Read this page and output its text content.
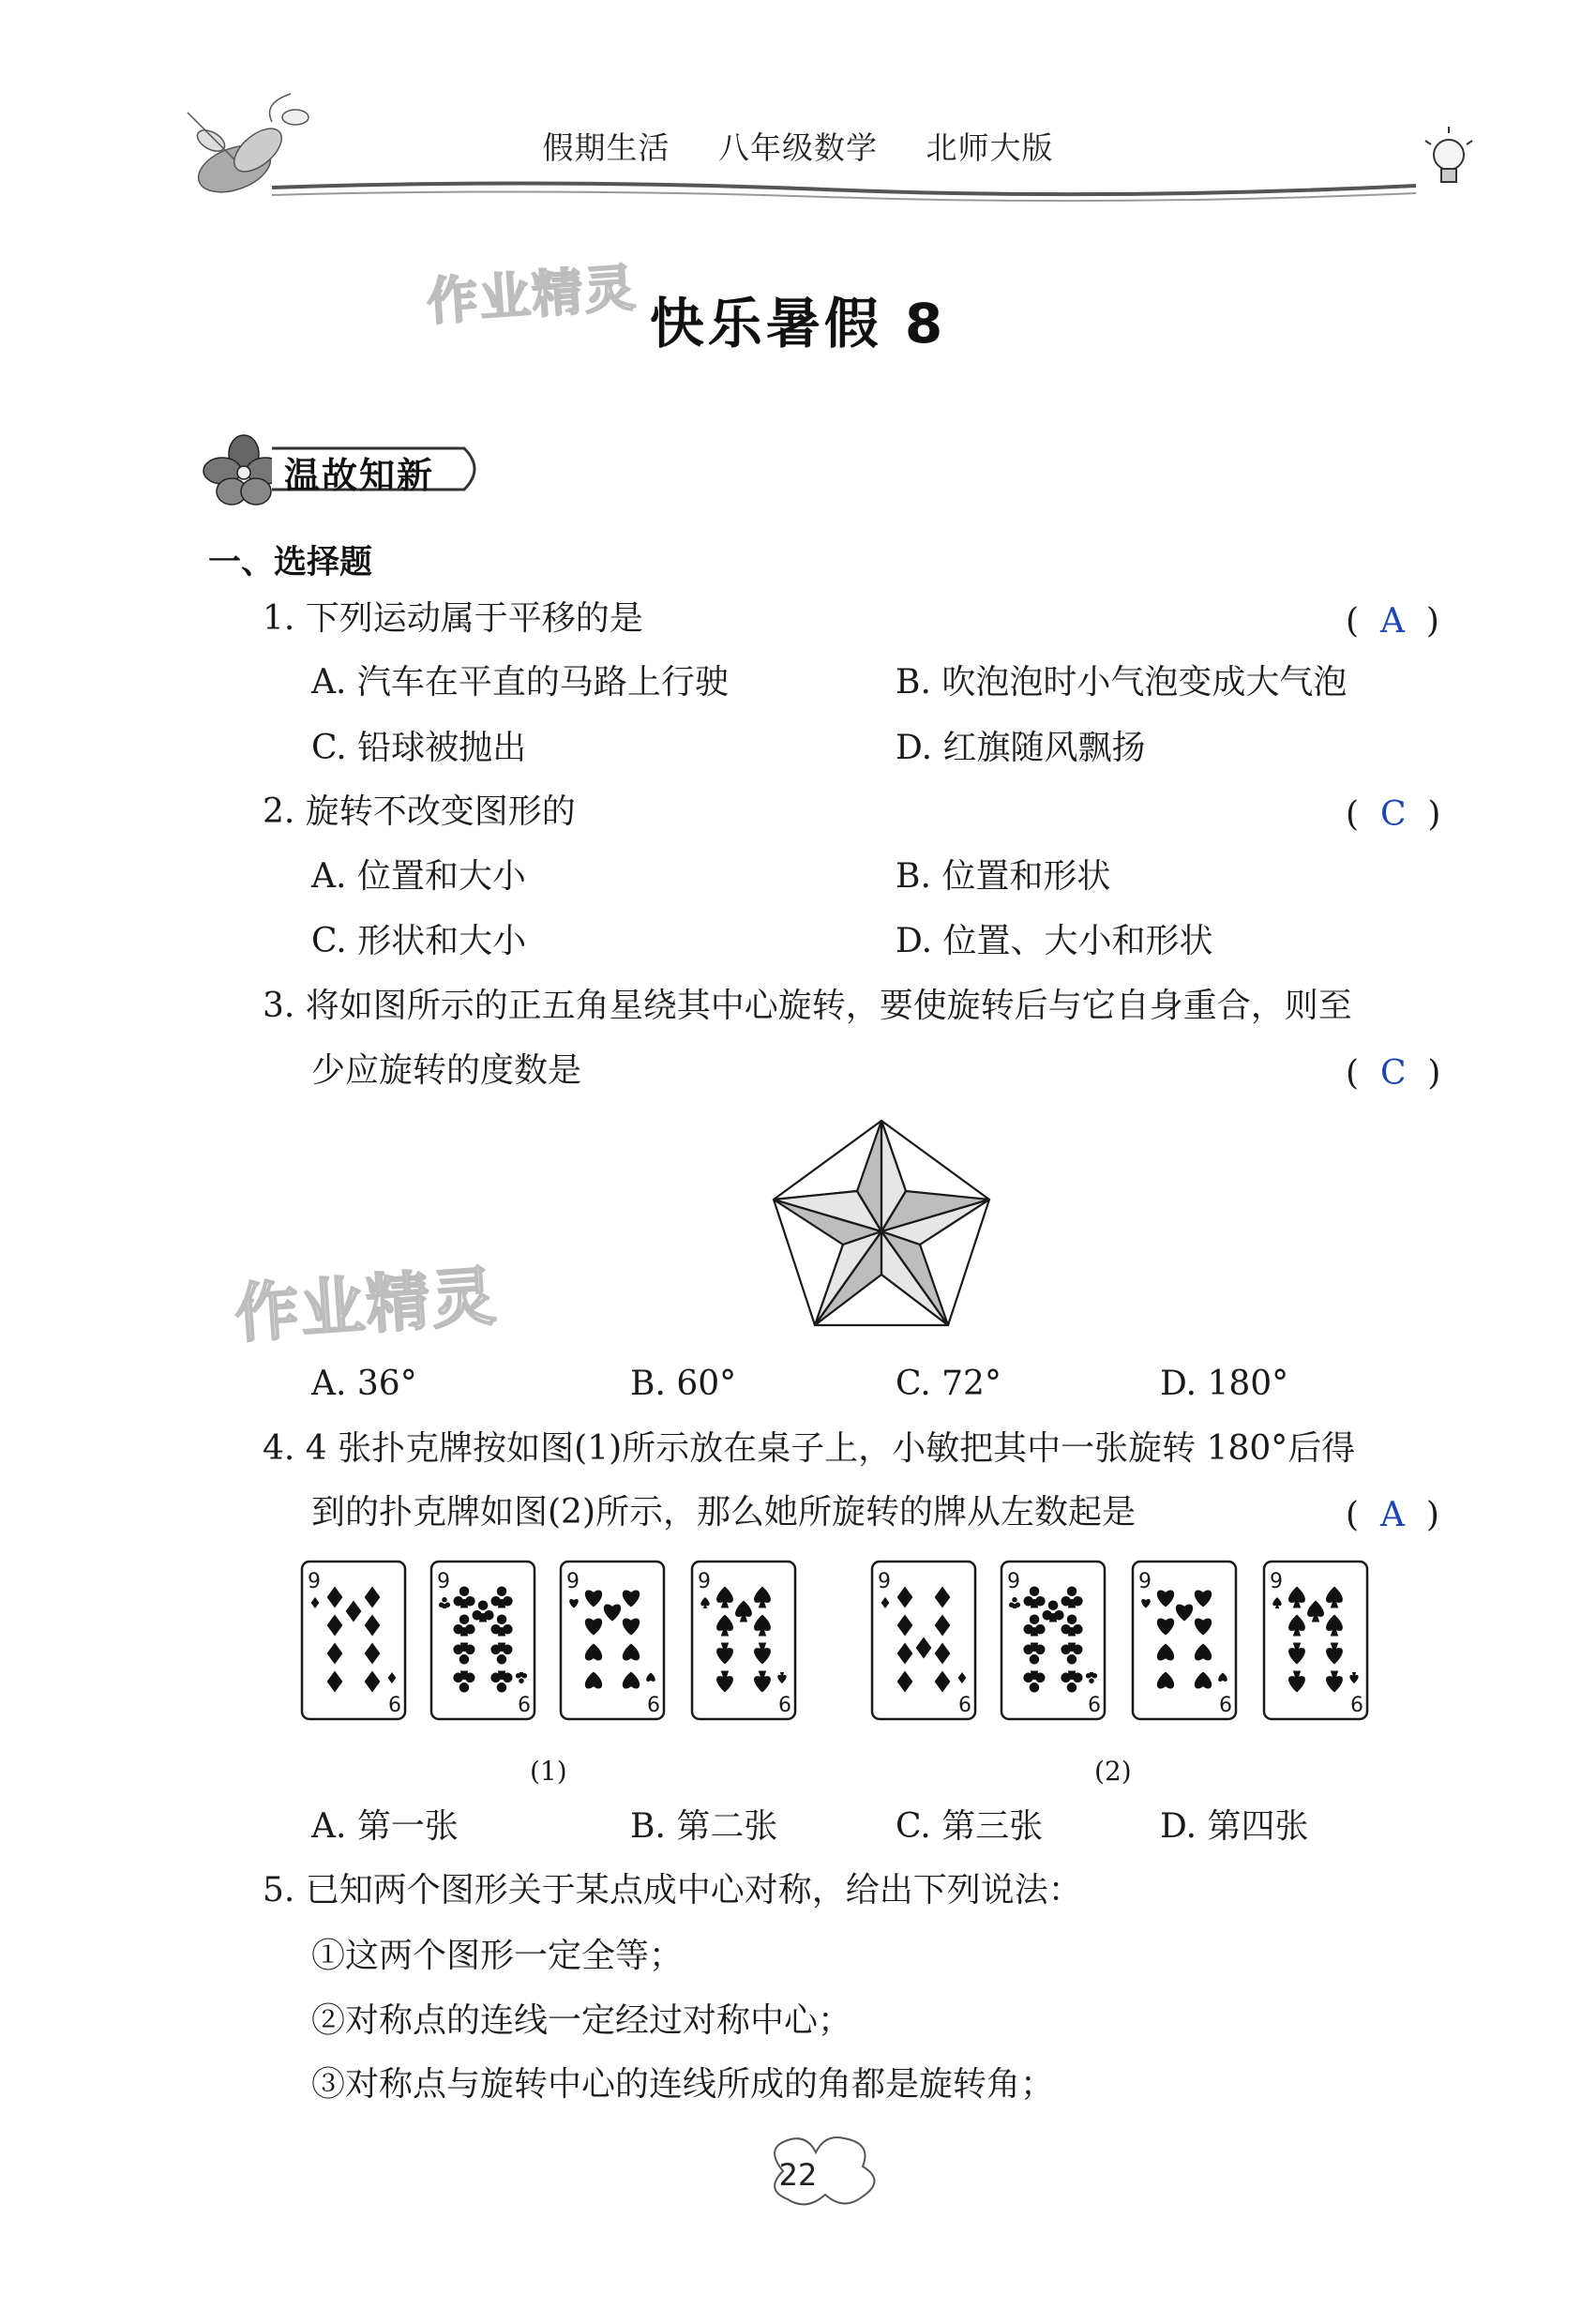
假期生活 八年级数学 北师大版
作业精灵 快乐暑假 8
温故知新
一、选择题
1. 下列运动属于平移的是	(  A  )
A. 汽车在平直的马路上行驶	B. 吹泡泡时小气泡变成大气泡
C. 铅球被抛出	D. 红旗随风飘扬
2. 旋转不改变图形的	(  C  )
A. 位置和大小	B. 位置和形状
C. 形状和大小	D. 位置、大小和形状
3. 将如图所示的正五角星绕其中心旋转，要使旋转后与它自身重合，则至
少应旋转的度数是	(  C  )
作业精灵
A. 36°	B. 60°	C. 72°	D. 180°
4. 4 张扑克牌按如图(1)所示放在桌子上，小敏把其中一张旋转 180°后得
到的扑克牌如图(2)所示，那么她所旋转的牌从左数起是	(  A  )
9
6
9
6
9
6
9
6
9
6
9
6
9
6
9
6
(1)	(2)
A. 第一张	B. 第二张	C. 第三张	D. 第四张
5. 已知两个图形关于某点成中心对称，给出下列说法：
①这两个图形一定全等；
②对称点的连线一定经过对称中心；
③对称点与旋转中心的连线所成的角都是旋转角；
22
